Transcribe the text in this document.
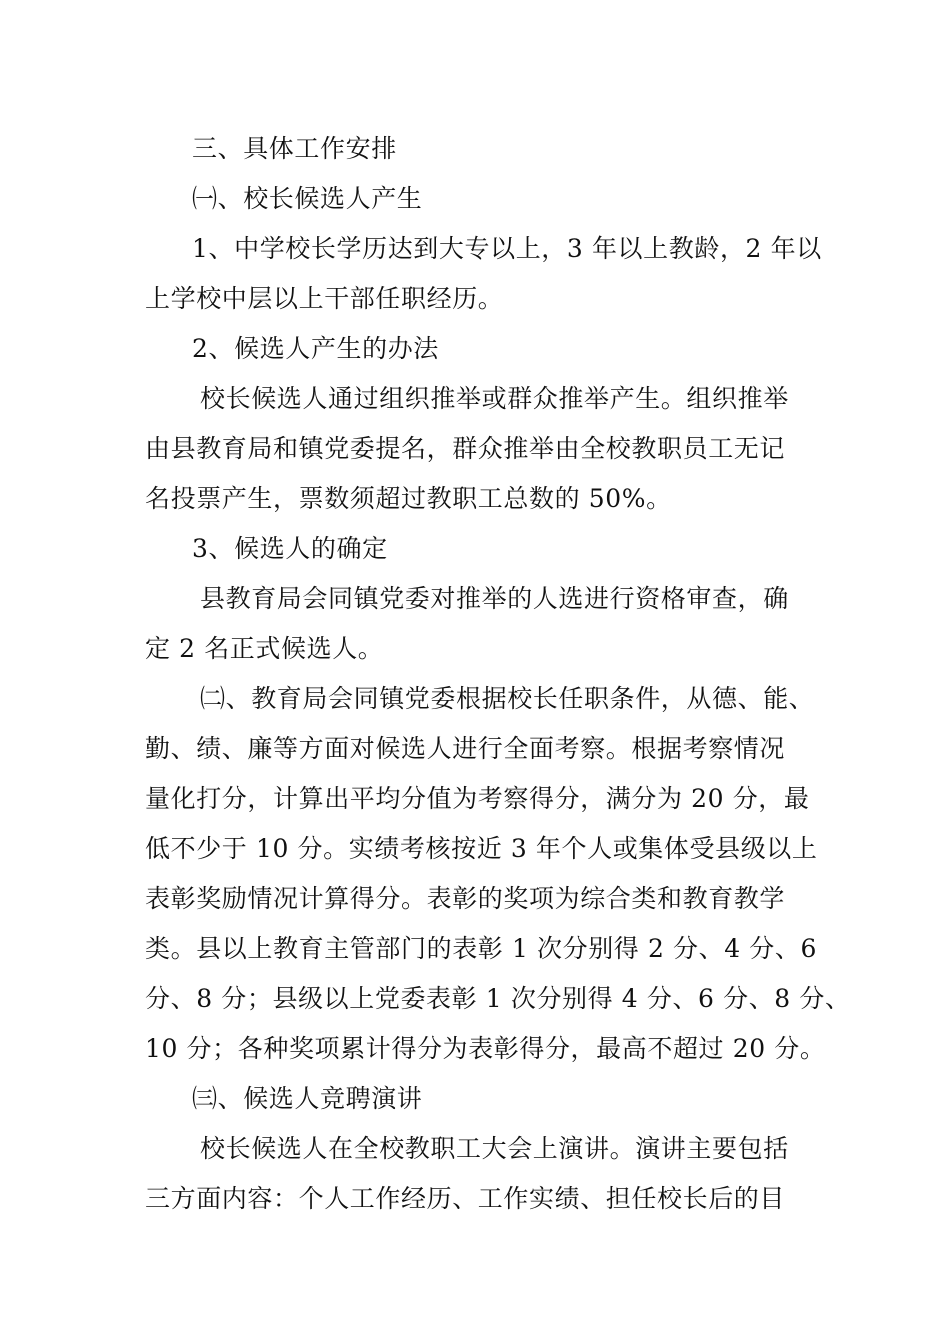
三、具体工作安排
㈠、校长候选人产生
1、中学校长学历达到大专以上，3 年以上教龄，2 年以
上学校中层以上干部任职经历。
2、候选人产生的办法
校长候选人通过组织推举或群众推举产生。组织推举
由县教育局和镇党委提名，群众推举由全校教职员工无记
名投票产生，票数须超过教职工总数的 50%。
3、候选人的确定
县教育局会同镇党委对推举的人选进行资格审查，确
定 2 名正式候选人。
㈡、教育局会同镇党委根据校长任职条件，从德、能、
勤、绩、廉等方面对候选人进行全面考察。根据考察情况
量化打分，计算出平均分值为考察得分，满分为 20 分，最
低不少于 10 分。实绩考核按近 3 年个人或集体受县级以上
表彰奖励情况计算得分。表彰的奖项为综合类和教育教学
类。县以上教育主管部门的表彰 1 次分别得 2 分、4 分、6
分、8 分；县级以上党委表彰 1 次分别得 4 分、6 分、8 分、
10 分；各种奖项累计得分为表彰得分，最高不超过 20 分。
㈢、候选人竞聘演讲
校长候选人在全校教职工大会上演讲。演讲主要包括
三方面内容：个人工作经历、工作实绩、担任校长后的目
